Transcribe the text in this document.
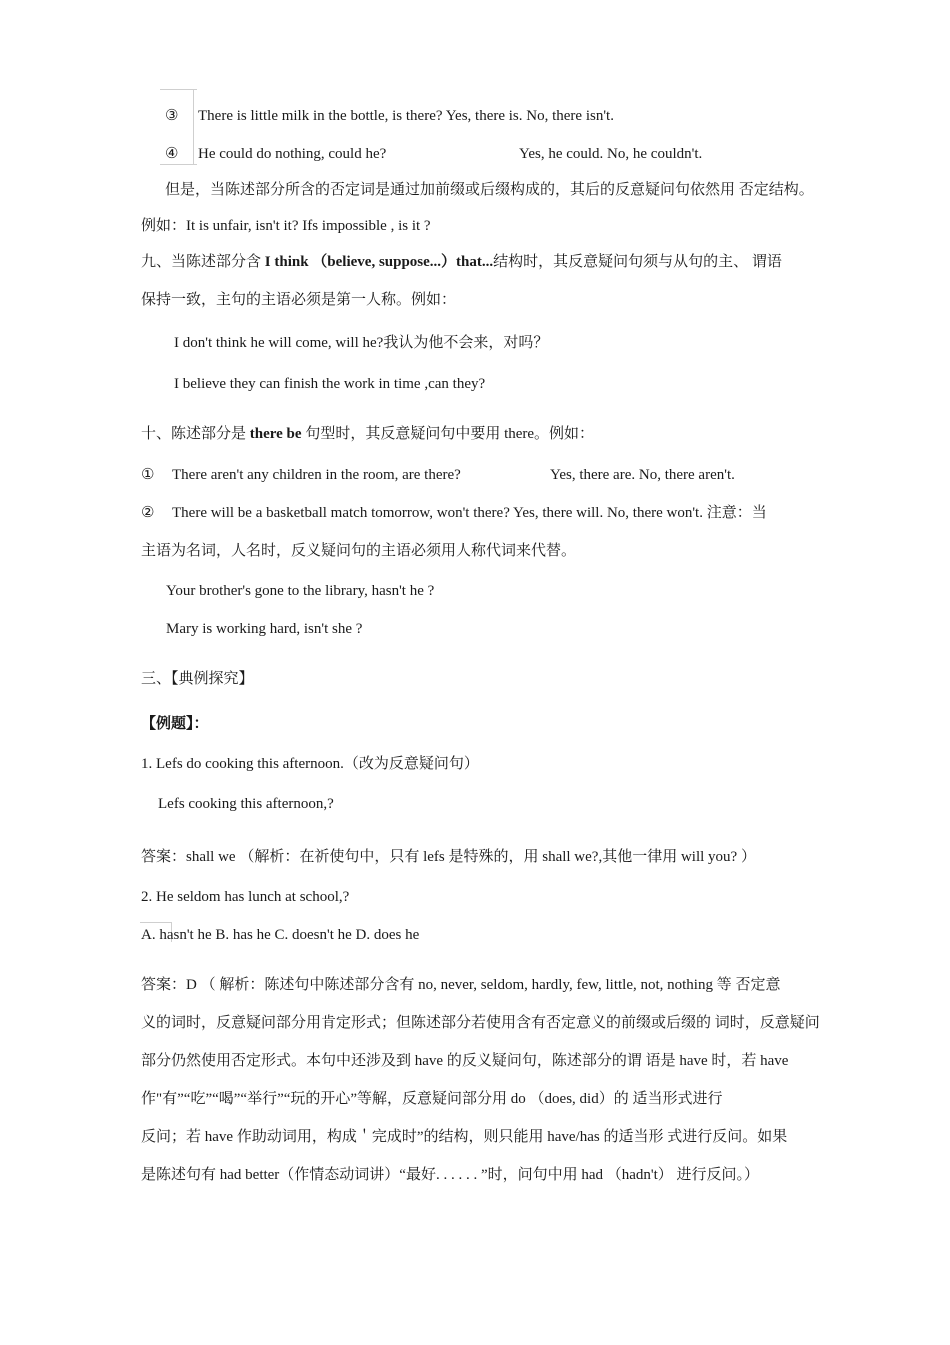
③ There is little milk in the bottle, is there? Yes, there is. No, there isn't.
④ He could do nothing, could he?	Yes, he could. No, he couldn't.
但是，当陈述部分所含的否定词是通过加前缀或后缀构成的，其后的反意疑问句依然用 否定结构。
例如：It is unfair, isn't it? Ifs impossible , is it ?
九、当陈述部分含 I think （believe, suppose...）that...结构时，其反意疑问句须与从句的主、 谓语
保持一致，主句的主语必须是第一人称。例如：
I don't think he will come, will he?我认为他不会来，对吗？
I believe they can finish the work in time ,can they?
十、陈述部分是 there be 句型时，其反意疑问句中要用 there。例如：
① There aren't any children in the room, are there?	Yes, there are. No, there aren't.
② There will be a basketball match tomorrow, won't there? Yes, there will. No, there won't. 注意：当
主语为名词，人名时，反义疑问句的主语必须用人称代词来代替。
Your brother's gone to the library, hasn't he ?
Mary is working hard, isn't she ?
三、【典例探究】
【例题】：
1. Lefs do cooking this afternoon.（改为反意疑问句）
Lefs cooking this afternoon,?
答案：shall we （解析：在祈使句中，只有 lefs 是特殊的，用 shall we?,其他一律用 will you? ）
2. He seldom has lunch at school,?
A. hasn't he B. has he C. doesn't he D. does he
答案：D （ 解析：陈述句中陈述部分含有 no, never, seldom, hardly, few, little, not, nothing 等 否定意
义的词时，反意疑问部分用肯定形式；但陈述部分若使用含有否定意义的前缀或后缀的 词时，反意疑问
部分仍然使用否定形式。本句中还涉及到 have 的反义疑问句，陈述部分的谓 语是 have 时，若 have
作"有”“吃”“喝”“举行”“玩的开心”等解，反意疑问部分用 do （does, did）的 适当形式进行
反问；若 have 作助动词用，构成＇完成时”的结构，则只能用 have/has 的适当形 式进行反问。如果
是陈述句有 had better（作情态动词讲）“最好. . . . . . ”时，问句中用 had （hadn't） 进行反问。）
